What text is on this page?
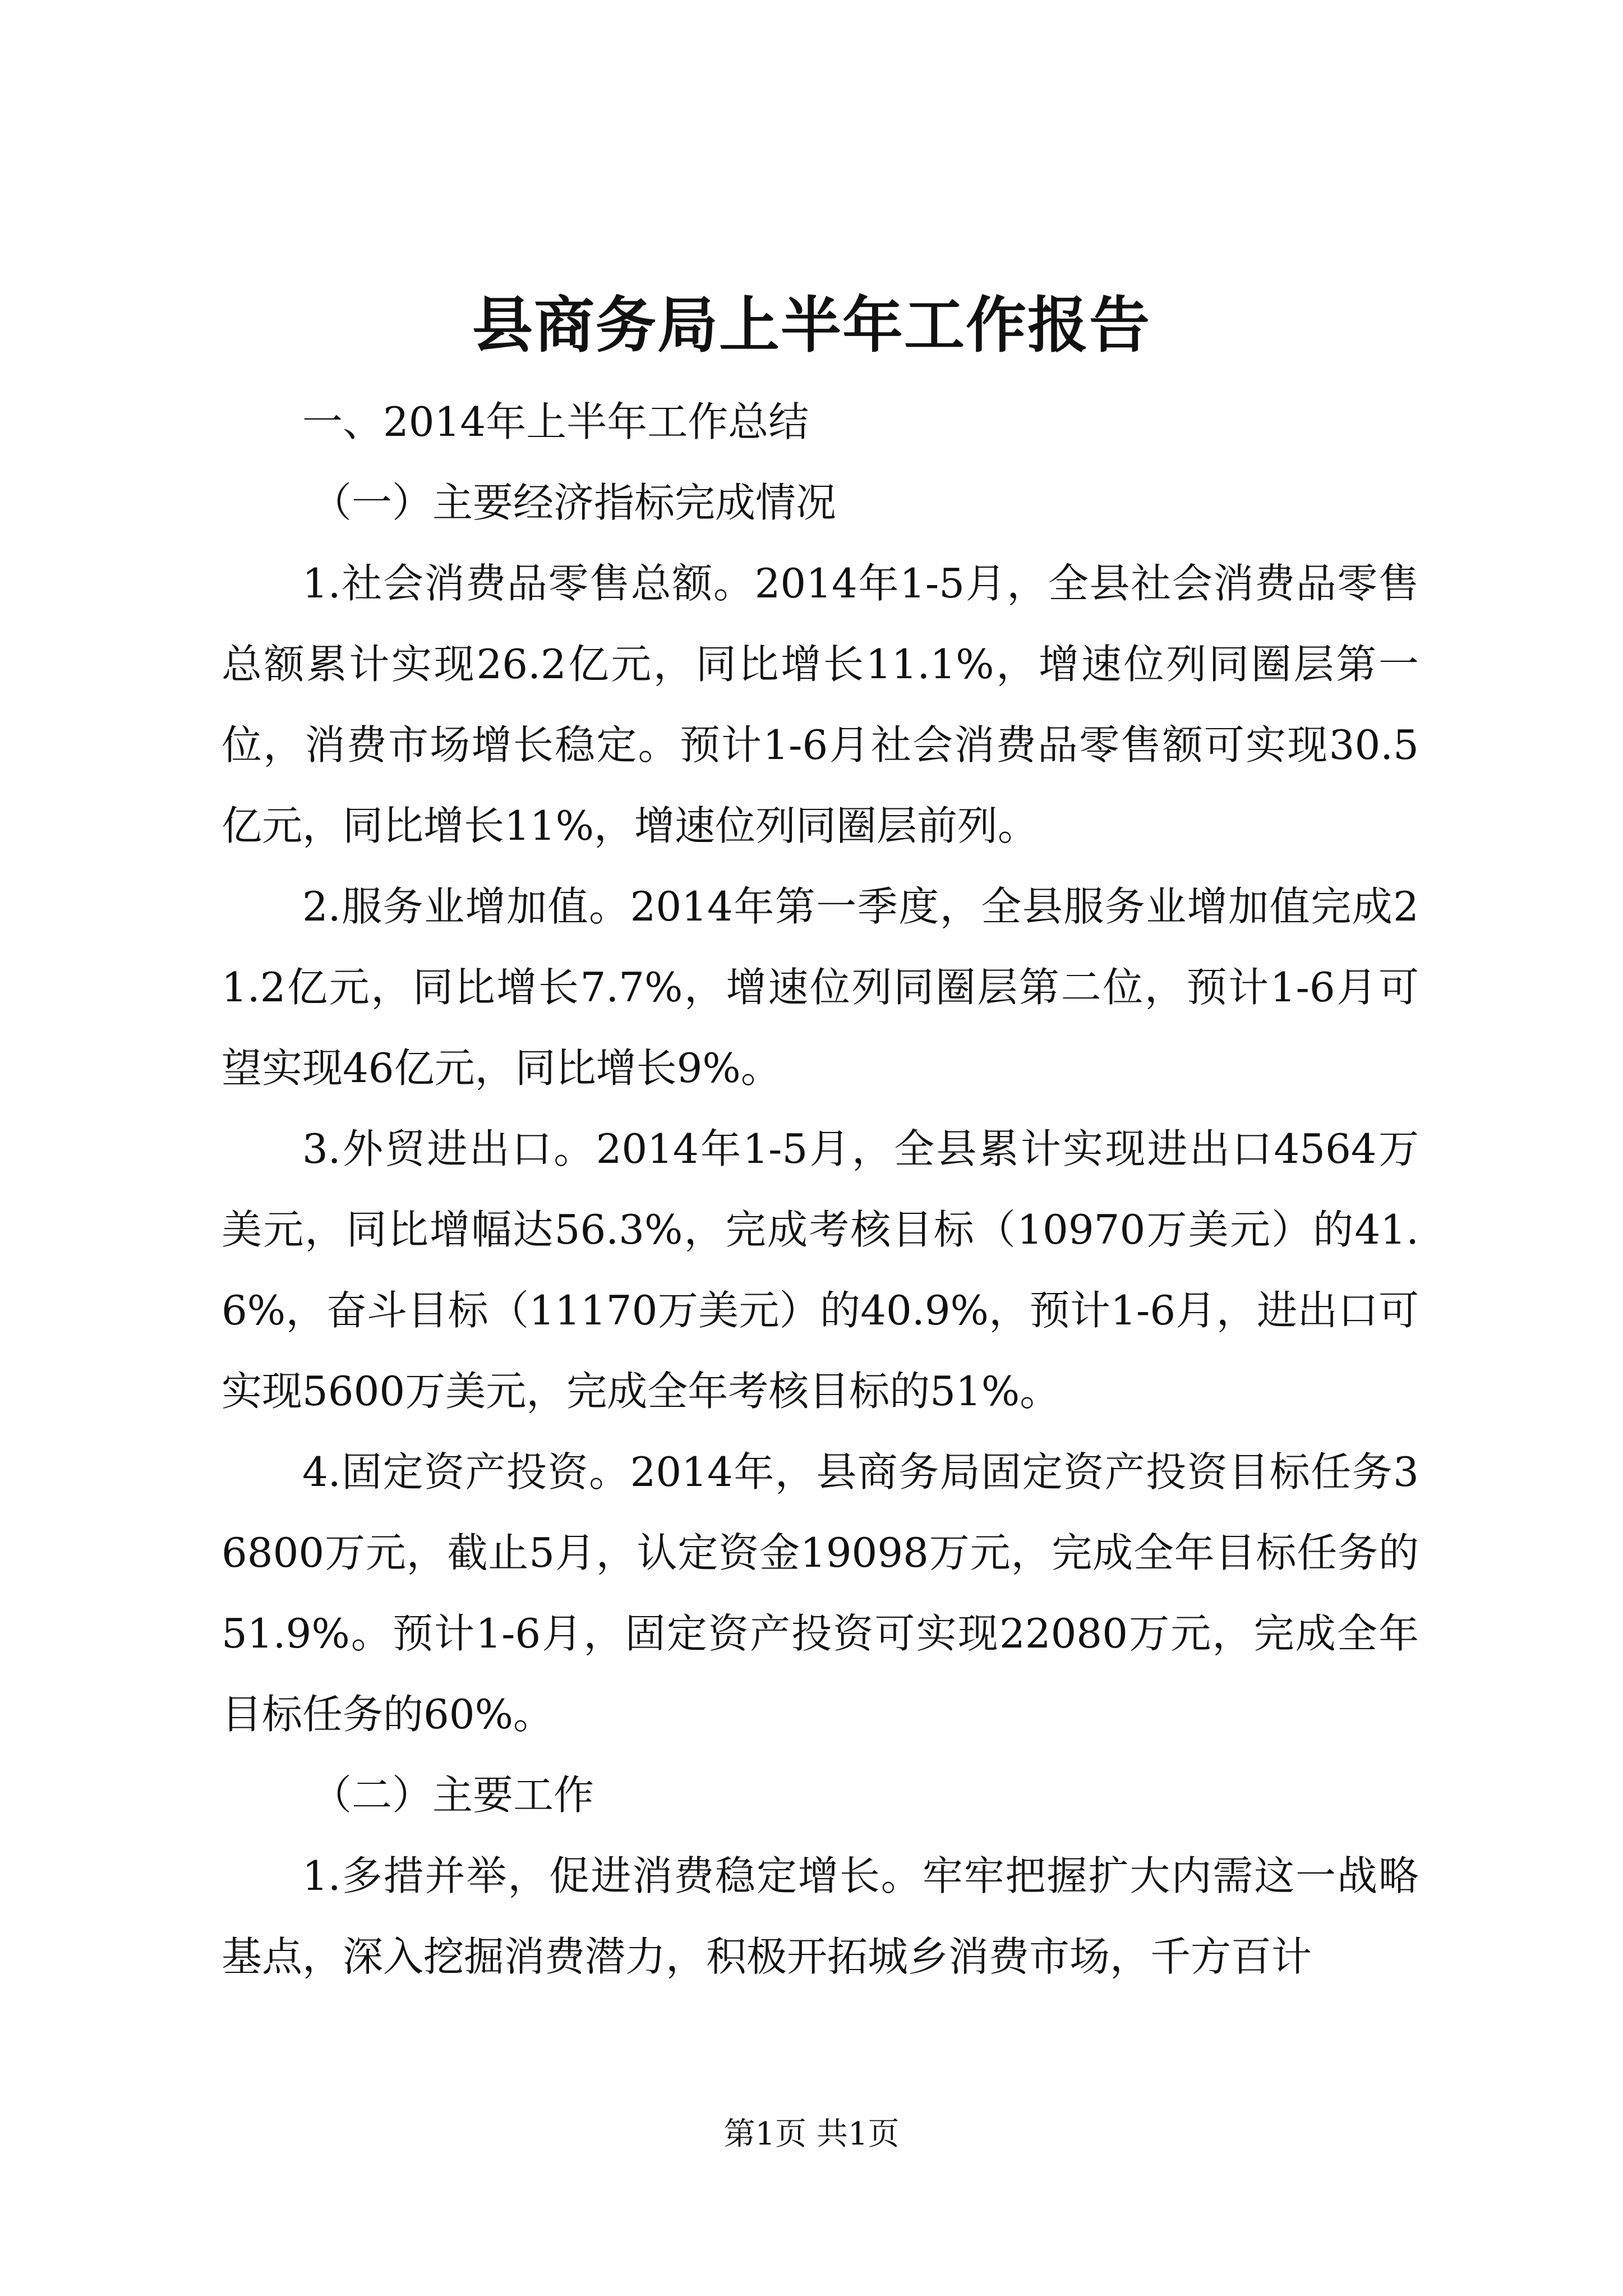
县商务局上半年工作报告

一、2014年上半年工作总结

（一）主要经济指标完成情况

1.社会消费品零售总额。2014年1-5月，全县社会消费品零售总额累计实现26.2亿元，同比增长11.1%，增速位列同圈层第一位，消费市场增长稳定。预计1-6月社会消费品零售额可实现30.5亿元，同比增长11%，增速位列同圈层前列。

2.服务业增加值。2014年第一季度，全县服务业增加值完成21.2亿元，同比增长7.7%，增速位列同圈层第二位，预计1-6月可望实现46亿元，同比增长9%。

3.外贸进出口。2014年1-5月，全县累计实现进出口4564万美元，同比增幅达56.3%，完成考核目标（10970万美元）的41.6%，奋斗目标（11170万美元）的40.9%，预计1-6月，进出口可实现5600万美元，完成全年考核目标的51%。

4.固定资产投资。2014年，县商务局固定资产投资目标任务36800万元，截止5月，认定资金19098万元，完成全年目标任务的51.9%。预计1-6月，固定资产投资可实现22080万元，完成全年目标任务的60%。

（二）主要工作

1.多措并举，促进消费稳定增长。牢牢把握扩大内需这一战略基点，深入挖掘消费潜力，积极开拓城乡消费市场，千方百计

第1页 共1页
